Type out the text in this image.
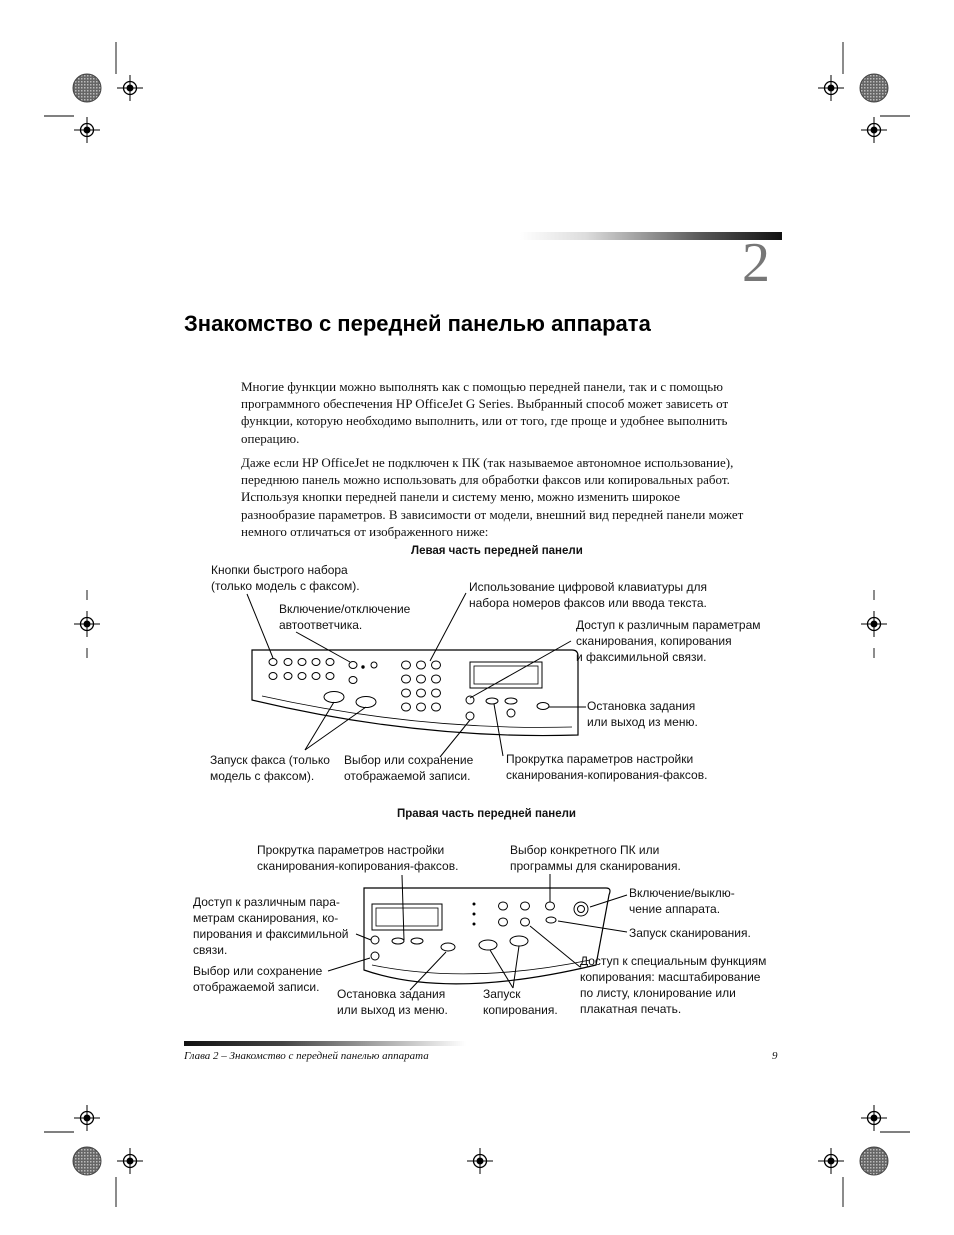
2
Знакомство с передней панелью аппарата
Многие функции можно выполнять как с помощью передней панели, так и с помощью
программного обеспечения HP OfficeJet G Series. Выбранный способ может зависеть от
функции, которую необходимо выполнить, или от того, где проще и удобнее выполнить
операцию.
Даже если HP OfficeJet не подключен к ПК (так называемое автономное использование),
переднюю панель можно использовать для обработки факсов или копировальных работ.
Используя кнопки передней панели и систему меню, можно изменить широкое
разнообразие параметров. В зависимости от модели, внешний вид передней панели может
немного отличаться от изображенного ниже:
Левая часть передней панели
Кнопки быстрого набора
(только модель с факсом).	Использование цифровой клавиатуры для
набора номеров факсов или ввода текста.
Включение/отключение
автоответчика.	Доступ к различным параметрам
сканирования, копирования
и факсимильной связи.
Остановка задания
или выход из меню.
Запуск факса (только
модель с факсом).
Выбор или сохранение
отображаемой записи.
Прокрутка параметров настройки
сканирования-копирования-факсов.
Правая часть передней панели
Прокрутка параметров настройки
сканирования-копирования-факсов.
Выбор конкретного ПК или
программы для сканирования.
Доступ к различным пара-
метрам сканирования, ко-
пирования и факсимильной
связи.
Включение/выклю-
чение аппарата.
Запуск сканирования.
Выбор или сохранение
отображаемой записи.
Доступ к специальным функциям
копирования: масштабирование
по листу, клонирование или
плакатная печать.
Остановка задания
или выход из меню.
Запуск
копирования.
Глава 2 – Знакомство с передней панелью аппарата	9
